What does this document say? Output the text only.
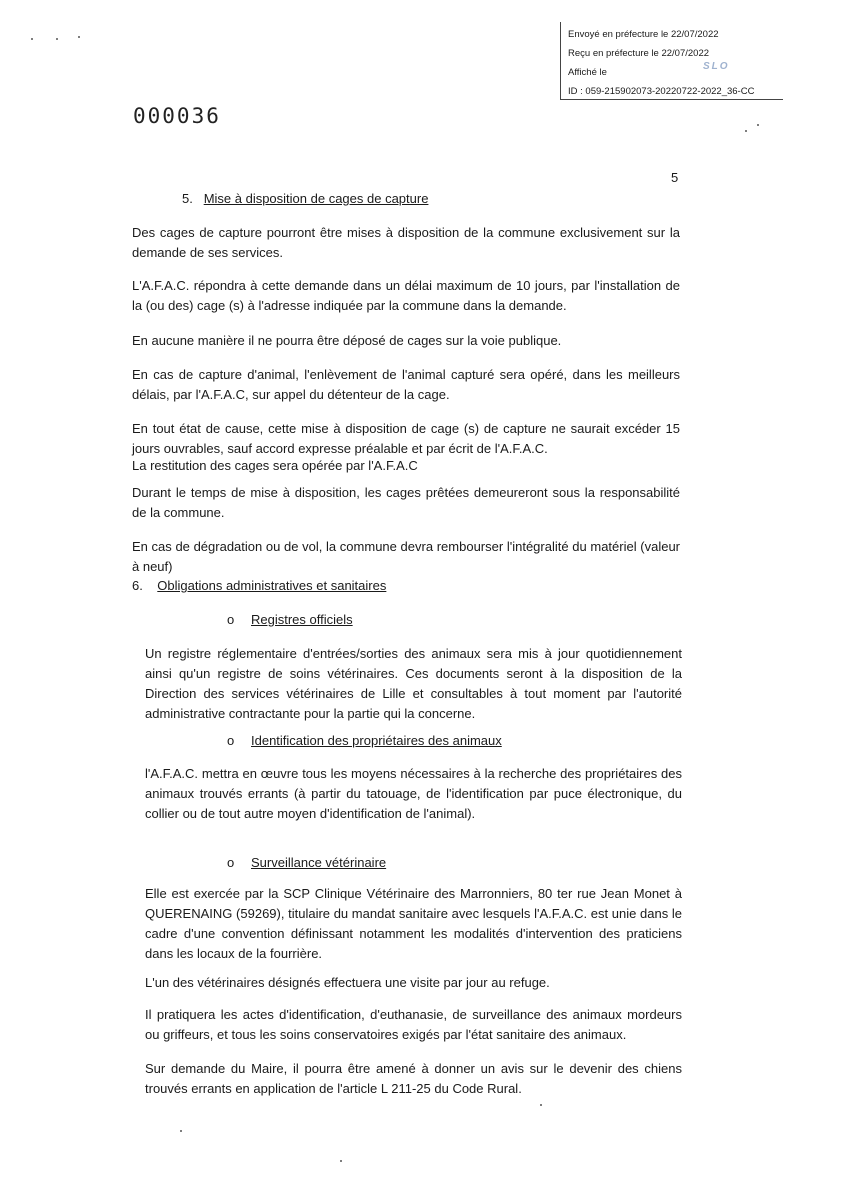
Envoyé en préfecture le 22/07/2022
Reçu en préfecture le 22/07/2022
Affiché le
ID : 059-215902073-20220722-2022_36-CC
SLO
000036
5
5. Mise à disposition de cages de capture
Des cages de capture pourront être mises à disposition de la commune exclusivement sur la demande de ses services.
L'A.F.A.C. répondra à cette demande dans un délai maximum de 10 jours, par l'installation de la (ou des) cage (s) à l'adresse indiquée par la commune dans la demande.
En aucune manière il ne pourra être déposé de cages sur la voie publique.
En cas de capture d'animal, l'enlèvement de l'animal capturé sera opéré, dans les meilleurs délais, par l'A.F.A.C, sur appel du détenteur de la cage.
En tout état de cause, cette mise à disposition de cage (s) de capture ne saurait excéder 15 jours ouvrables, sauf accord expresse préalable et par écrit de l'A.F.A.C.
La restitution des cages sera opérée par l'A.F.A.C
Durant le temps de mise à disposition, les cages prêtées demeureront sous la responsabilité de la commune.
En cas de dégradation ou de vol, la commune devra rembourser l'intégralité du matériel (valeur à neuf)
6. Obligations administratives et sanitaires
o Registres officiels
Un registre réglementaire d'entrées/sorties des animaux sera mis à jour quotidiennement ainsi qu'un registre de soins vétérinaires. Ces documents seront à la disposition de la Direction des services vétérinaires de Lille et consultables à tout moment par l'autorité administrative contractante pour la partie qui la concerne.
o Identification des propriétaires des animaux
l'A.F.A.C. mettra en œuvre tous les moyens nécessaires à la recherche des propriétaires des animaux trouvés errants (à partir du tatouage, de l'identification par puce électronique, du collier ou de tout autre moyen d'identification de l'animal).
o Surveillance vétérinaire
Elle est exercée par la SCP Clinique Vétérinaire des Marronniers, 80 ter rue Jean Monet à QUERENAING (59269), titulaire du mandat sanitaire avec lesquels l'A.F.A.C. est unie dans le cadre d'une convention définissant notamment les modalités d'intervention des praticiens dans les locaux de la fourrière.
L'un des vétérinaires désignés effectuera une visite par jour au refuge.
Il pratiquera les actes d'identification, d'euthanasie, de surveillance des animaux mordeurs ou griffeurs, et tous les soins conservatoires exigés par l'état sanitaire des animaux.
Sur demande du Maire, il pourra être amené à donner un avis sur le devenir des chiens trouvés errants en application de l'article L 211-25 du Code Rural.
